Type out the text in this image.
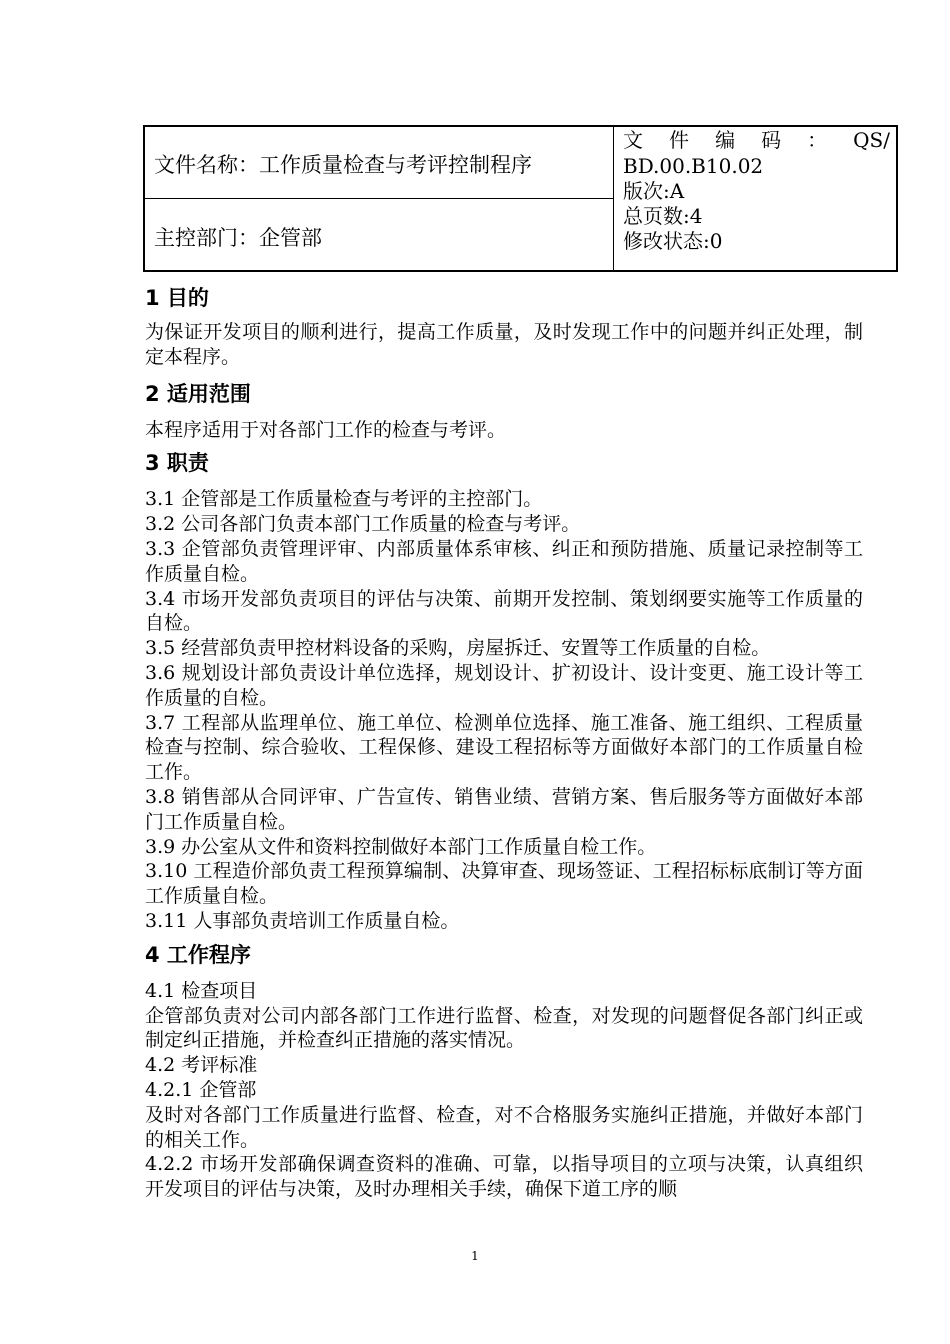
文件名称：工作质量检查与考评控制程序
主控部门：企管部
文 件 编 码 ： QS/
BD.00.B10.02
版次:A
总页数:4
修改状态:0
1 目的

为保证开发项目的顺利进行，提高工作质量，及时发现工作中的问题并纠正处理，制定本程序。

2 适用范围

本程序适用于对各部门工作的检查与考评。

3 职责

3.1 企管部是工作质量检查与考评的主控部门。

3.2 公司各部门负责本部门工作质量的检查与考评。

3.3 企管部负责管理评审、内部质量体系审核、纠正和预防措施、质量记录控制等工作质量自检。

3.4 市场开发部负责项目的评估与决策、前期开发控制、策划纲要实施等工作质量的自检。

3.5 经营部负责甲控材料设备的采购，房屋拆迁、安置等工作质量的自检。

3.6 规划设计部负责设计单位选择，规划设计、扩初设计、设计变更、施工设计等工作质量的自检。

3.7 工程部从监理单位、施工单位、检测单位选择、施工准备、施工组织、工程质量检查与控制、综合验收、工程保修、建设工程招标等方面做好本部门的工作质量自检工作。

3.8 销售部从合同评审、广告宣传、销售业绩、营销方案、售后服务等方面做好本部门工作质量自检。

3.9 办公室从文件和资料控制做好本部门工作质量自检工作。

3.10 工程造价部负责工程预算编制、决算审查、现场签证、工程招标标底制订等方面工作质量自检。

3.11 人事部负责培训工作质量自检。

4 工作程序

4.1 检查项目

企管部负责对公司内部各部门工作进行监督、检查，对发现的问题督促各部门纠正或制定纠正措施，并检查纠正措施的落实情况。

4.2 考评标准

4.2.1 企管部

及时对各部门工作质量进行监督、检查，对不合格服务实施纠正措施，并做好本部门的相关工作。

4.2.2 市场开发部确保调查资料的准确、可靠，以指导项目的立项与决策，认真组织开发项目的评估与决策，及时办理相关手续，确保下道工序的顺

1
